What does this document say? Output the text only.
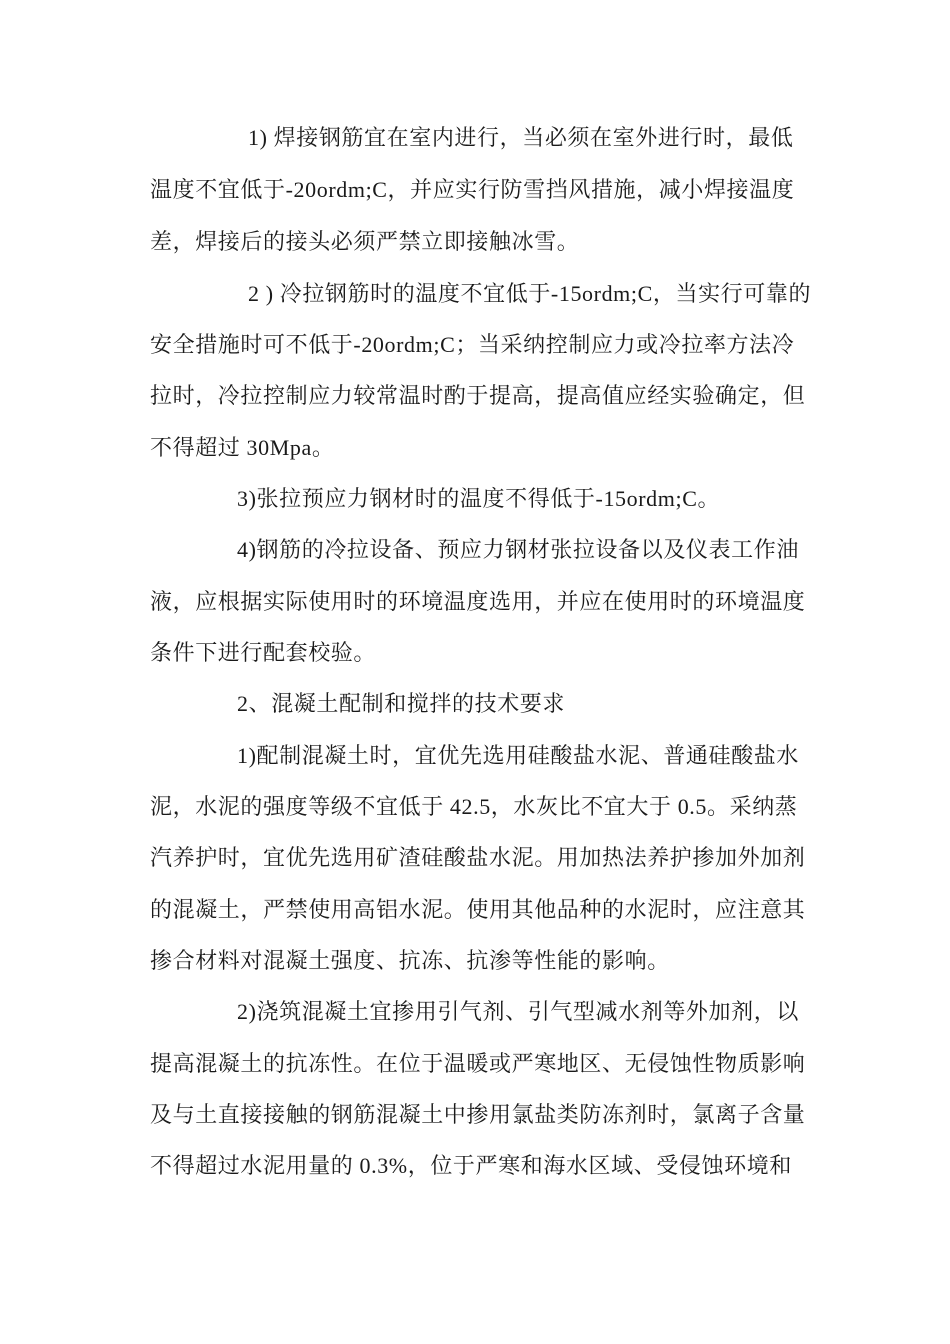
1) 焊接钢筋宜在室内进行，当必须在室外进行时，最低
温度不宜低于-20ordm;C，并应实行防雪挡风措施，减小焊接温度
差，焊接后的接头必须严禁立即接触冰雪。
2 ) 冷拉钢筋时的温度不宜低于-15ordm;C，当实行可靠的
安全措施时可不低于-20ordm;C；当采纳控制应力或冷拉率方法冷
拉时，冷拉控制应力较常温时酌于提高，提高值应经实验确定，但
不得超过 30Mpa。
3)张拉预应力钢材时的温度不得低于-15ordm;C。
4)钢筋的冷拉设备、预应力钢材张拉设备以及仪表工作油
液，应根据实际使用时的环境温度选用，并应在使用时的环境温度
条件下进行配套校验。
2、混凝土配制和搅拌的技术要求
1)配制混凝土时，宜优先选用硅酸盐水泥、普通硅酸盐水
泥，水泥的强度等级不宜低于 42.5，水灰比不宜大于 0.5。采纳蒸
汽养护时，宜优先选用矿渣硅酸盐水泥。用加热法养护掺加外加剂
的混凝土，严禁使用高铝水泥。使用其他品种的水泥时，应注意其
掺合材料对混凝土强度、抗冻、抗渗等性能的影响。
2)浇筑混凝土宜掺用引气剂、引气型减水剂等外加剂，以
提高混凝土的抗冻性。在位于温暖或严寒地区、无侵蚀性物质影响
及与土直接接触的钢筋混凝土中掺用氯盐类防冻剂时，氯离子含量
不得超过水泥用量的 0.3%，位于严寒和海水区域、受侵蚀环境和
